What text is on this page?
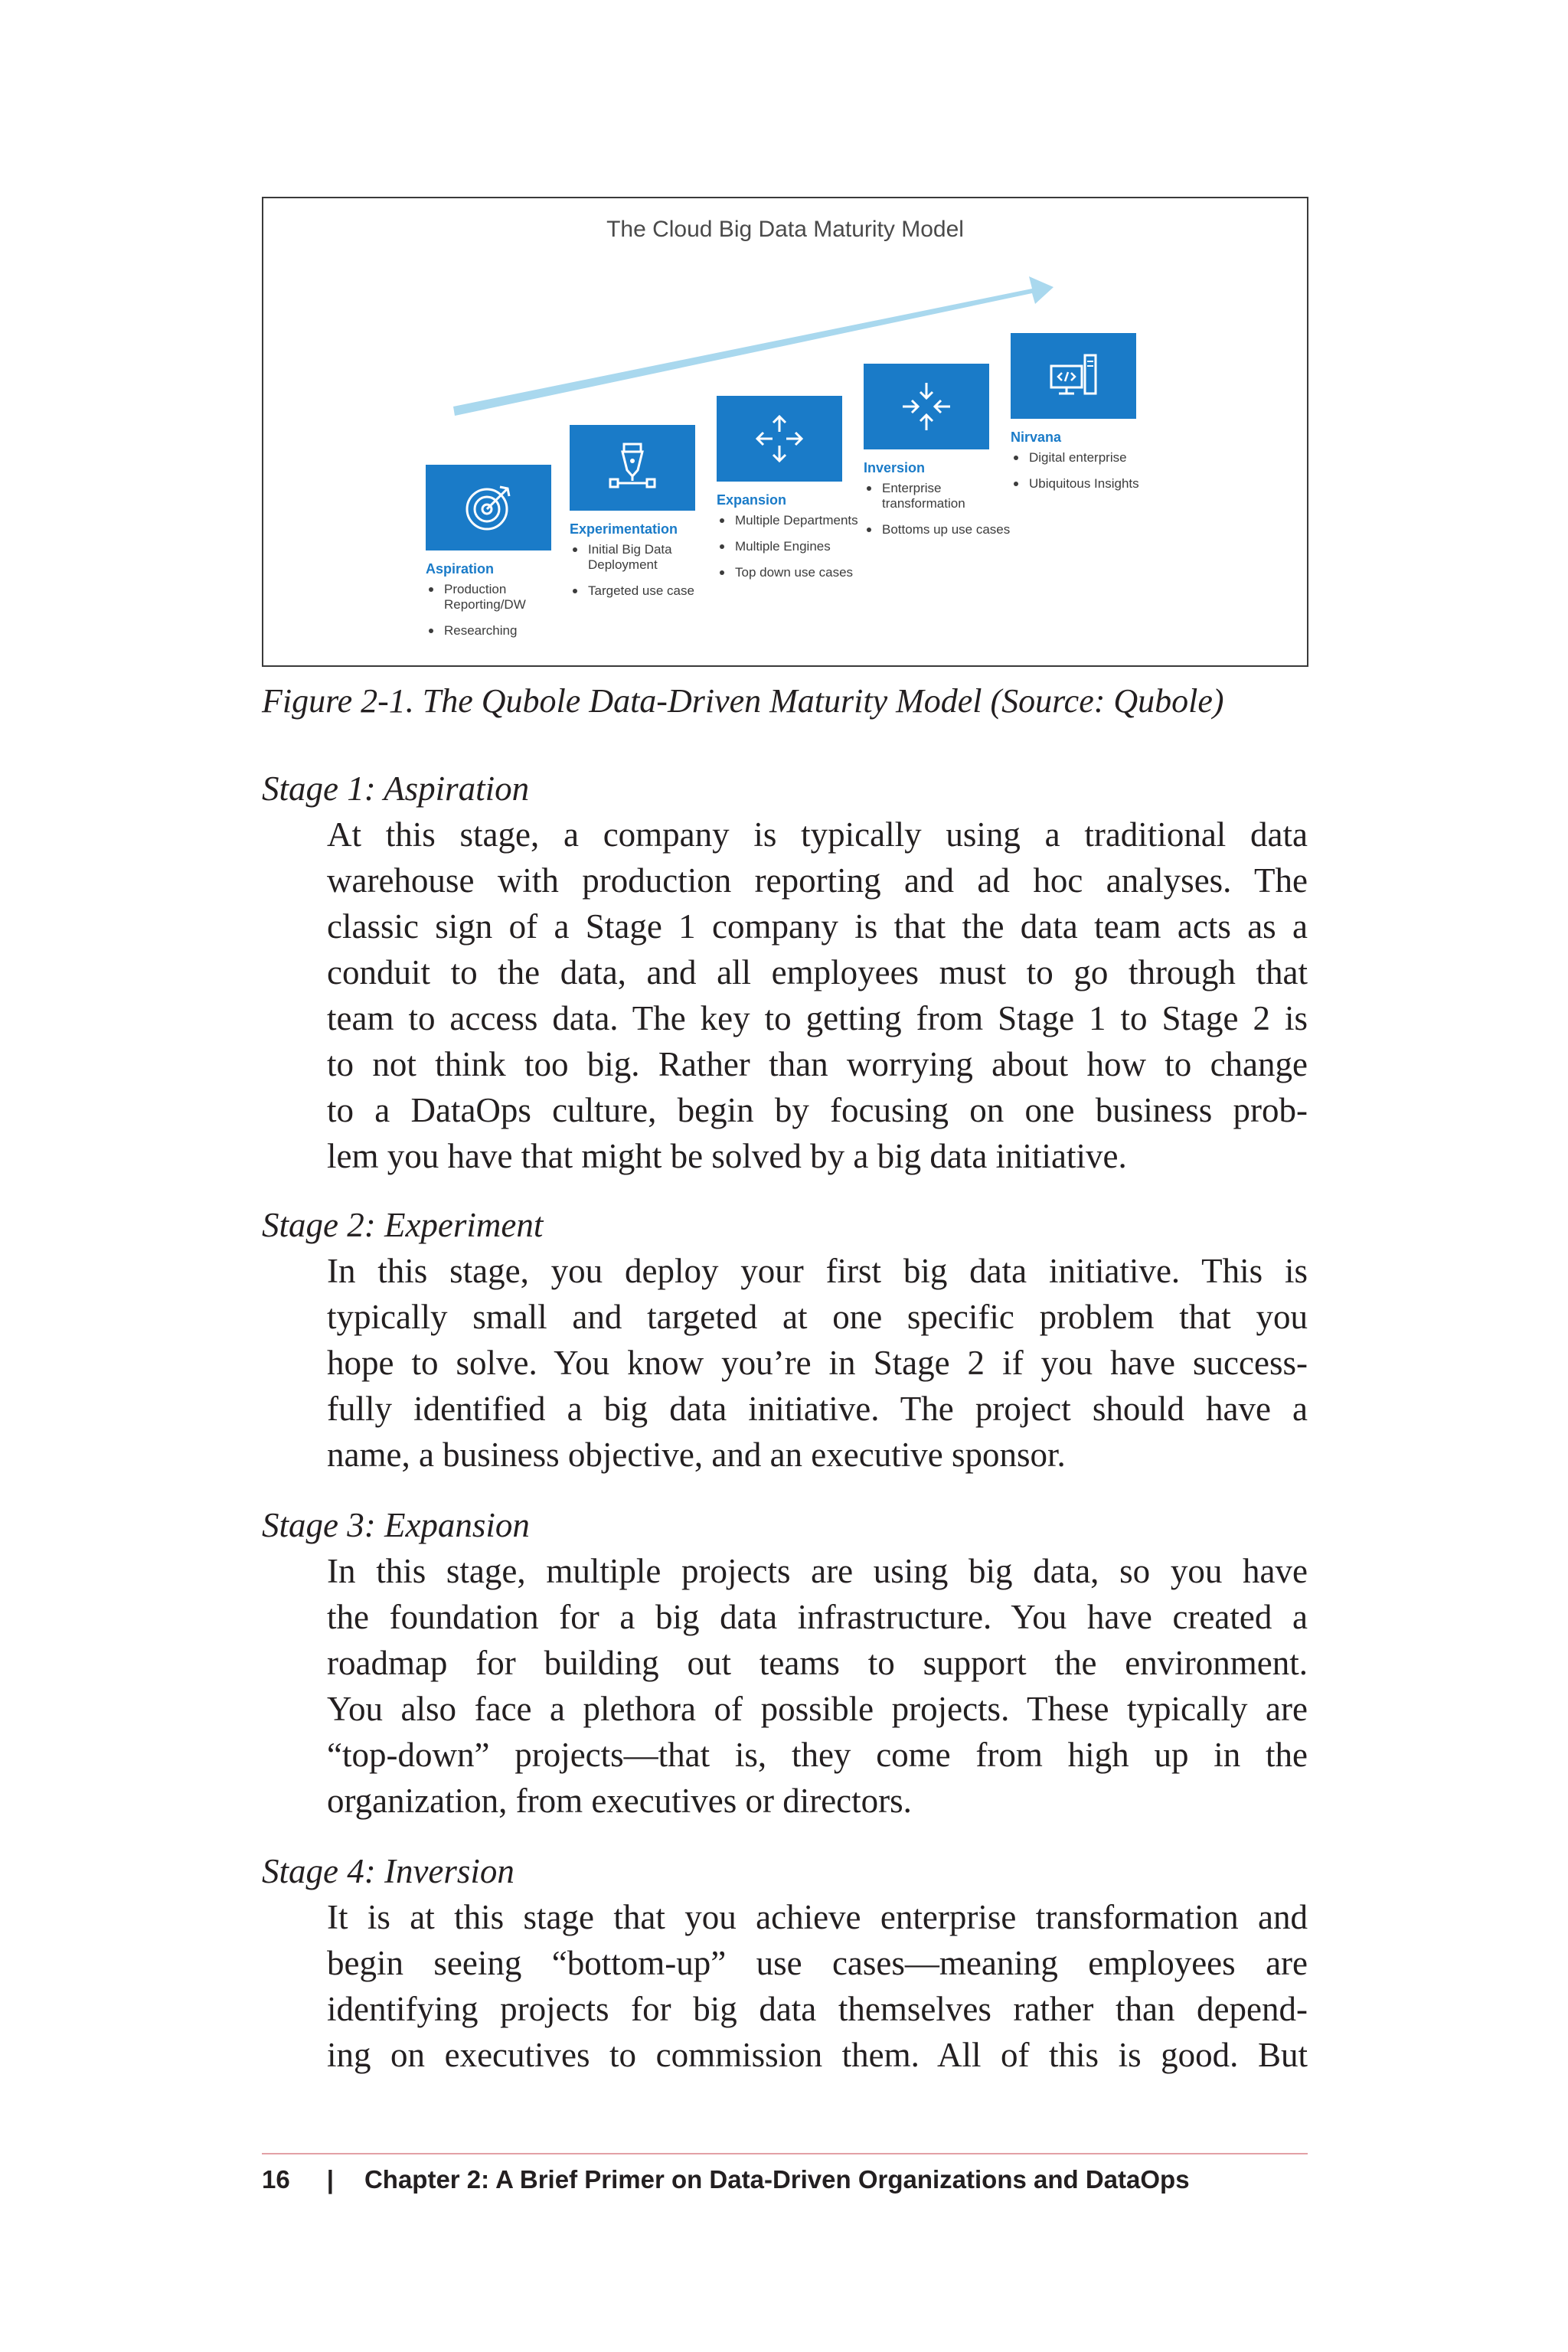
The Cloud Big Data Maturity Model
Aspiration
Production Reporting/DW
Researching
Experimentation
Initial Big Data Deployment
Targeted use case
Expansion
Multiple Departments
Multiple Engines
Top down use cases
Inversion
Enterprise transformation
Bottoms up use cases
Nirvana
Digital enterprise
Ubiquitous Insights
Figure 2-1. The Qubole Data-Driven Maturity Model (Source: Qubole)
Stage 1: Aspiration
At this stage, a company is typically using a traditional data
warehouse with production reporting and ad hoc analyses. The
classic sign of a Stage 1 company is that the data team acts as a
conduit to the data, and all employees must to go through that
team to access data. The key to getting from Stage 1 to Stage 2 is
to not think too big. Rather than worrying about how to change
to a DataOps culture, begin by focusing on one business prob-
lem you have that might be solved by a big data initiative.
Stage 2: Experiment
In this stage, you deploy your first big data initiative. This is
typically small and targeted at one specific problem that you
hope to solve. You know you’re in Stage 2 if you have success-
fully identified a big data initiative. The project should have a
name, a business objective, and an executive sponsor.
Stage 3: Expansion
In this stage, multiple projects are using big data, so you have
the foundation for a big data infrastructure. You have created a
roadmap for building out teams to support the environment.
You also face a plethora of possible projects. These typically are
“top-down” projects—that is, they come from high up in the
organization, from executives or directors.
Stage 4: Inversion
It is at this stage that you achieve enterprise transformation and
begin seeing “bottom-up” use cases—meaning employees are
identifying projects for big data themselves rather than depend-
ing on executives to commission them. All of this is good. But
16 | Chapter 2: A Brief Primer on Data-Driven Organizations and DataOps
